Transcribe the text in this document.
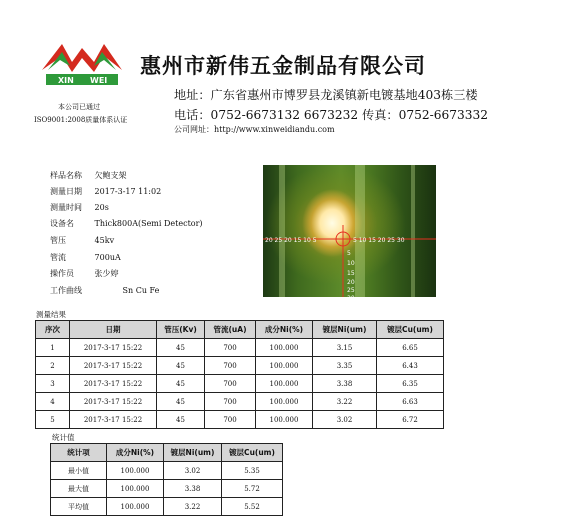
XIN WEI
惠州市新伟五金制品有限公司
本公司已通过
ISO9001:2008质量体系认证
地址：广东省惠州市博罗县龙溪镇新电镀基地403栋三楼
电话：0752-6673132 6673232 传真：0752-6673332
公司网址：http://www.xinweidiandu.com
样品名称 欠鲍支架
测量日期 2017-3-17 11:02
测量时间 20s
设备名	Thick800A(Semi Detector)
管压	45kv
管流	700uA
操作员	张少婷
工作曲线	Sn Cu Fe
20 25 20 15 10 5	5 10 15 20 25 30
5
10
15
20
25
30
测量结果
序次	日期	管压(Kv)	管流(uA)	成分Ni(%)	镀层Ni(um)	镀层Cu(um)
1	2017-3-17 15:22	45	700	100.000	3.15	6.65
2	2017-3-17 15:22	45	700	100.000	3.35	6.43
3	2017-3-17 15:22	45	700	100.000	3.38	6.35
4	2017-3-17 15:22	45	700	100.000	3.22	6.63
5	2017-3-17 15:22	45	700	100.000	3.02	6.72
统计值
统计项	成分Ni(%)	镀层Ni(um)	镀层Cu(um)
最小值	100.000	3.02	5.35
最大值	100.000	3.38	5.72
平均值	100.000	3.22	5.52
